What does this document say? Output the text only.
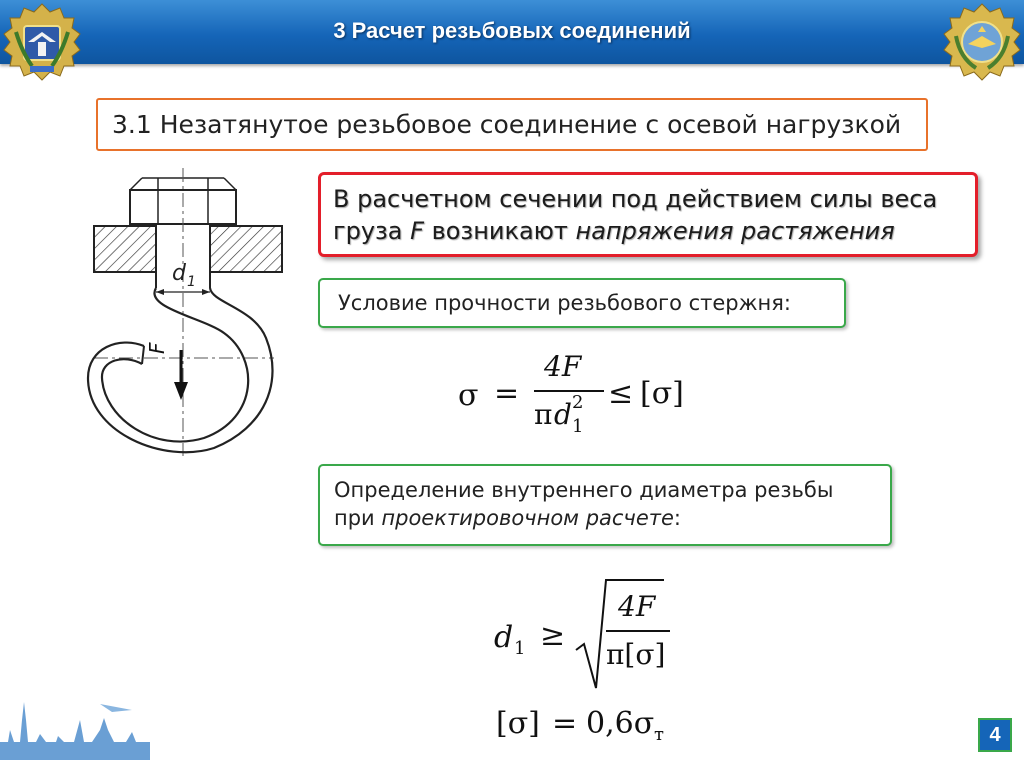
3 Расчет резьбовых соединений
3.1 Незатянутое резьбовое соединение с осевой нагрузкой
d 1
F
В расчетном сечении под действием силы веса
груза F возникают напряжения растяжения
Условие прочности резьбового стержня:
σ =
4F
π d 2
1
≤ [σ]
Определение внутреннего диаметра резьбы
при проектировочном расчете:
d 1 ≥
4F
π[σ]
[σ] = 0,6σ т	4
